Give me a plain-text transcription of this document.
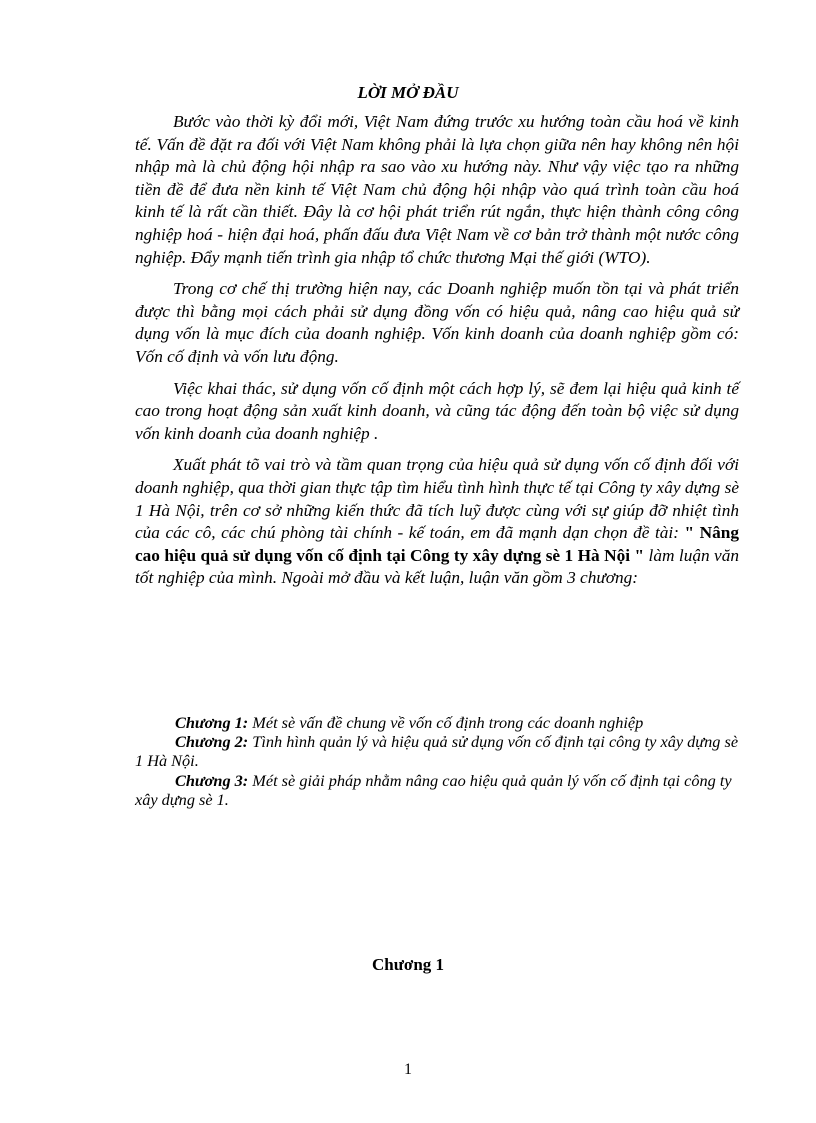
LỜI MỞ ĐẦU

Bước vào thời kỳ đổi mới, Việt Nam đứng trước xu hướng toàn cầu hoá về kinh tế. Vấn đề đặt ra đối với Việt Nam không phải là lựa chọn giữa nên hay không nên hội nhập mà là chủ động hội nhập ra sao vào xu hướng này. Như vậy việc tạo ra những tiền đề để đưa nền kinh tế Việt Nam chủ động hội nhập vào quá trình toàn cầu hoá kinh tế là rất cần thiết. Đây là cơ hội phát triển rút ngắn, thực hiện thành công công nghiệp hoá - hiện đại hoá, phấn đấu đưa Việt Nam về cơ bản trở thành một nước công nghiệp. Đẩy mạnh tiến trình gia nhập tổ chức thương Mại thế giới (WTO).

Trong cơ chế thị trường hiện nay, các Doanh nghiệp muốn tồn tại và phát triển được thì bằng mọi cách phải sử dụng đồng vốn có hiệu quả, nâng cao hiệu quả sử dụng vốn là mục đích của doanh nghiệp. Vốn kinh doanh của doanh nghiệp gồm có: Vốn cố định và vốn lưu động.

Việc khai thác, sử dụng vốn cố định một cách hợp lý, sẽ đem lại hiệu quả kinh tế cao trong hoạt động sản xuất kinh doanh, và cũng tác động đến toàn bộ việc sử dụng vốn kinh doanh của doanh nghiệp .

Xuất phát tõ vai trò và tầm quan trọng của hiệu quả sử dụng vốn cố định đối với doanh nghiệp, qua thời gian thực tập tìm hiểu tình hình thực tế tại Công ty xây dựng sè 1 Hà Nội, trên cơ sở những kiến thức đã tích luỹ được cùng với sự giúp đỡ nhiệt tình của các cô, các chú phòng tài chính - kế toán, em đã mạnh dạn chọn đề tài: " Nâng cao hiệu quả sử dụng vốn cố định tại Công ty xây dựng sè 1 Hà Nội " làm luận văn tốt nghiệp của mình. Ngoài mở đầu và kết luận, luận văn gồm 3 chương:

Chương 1: Mét sè vấn đề chung về vốn cố định trong các doanh nghiệp

Chương 2: Tình hình quản lý và hiệu quả sử dụng vốn cố định tại công ty xây dựng sè 1 Hà Nội.

Chương 3: Mét sè giải pháp nhằm nâng cao hiệu quả quản lý vốn cố định tại công ty xây dựng sè 1.

Chương 1
1
